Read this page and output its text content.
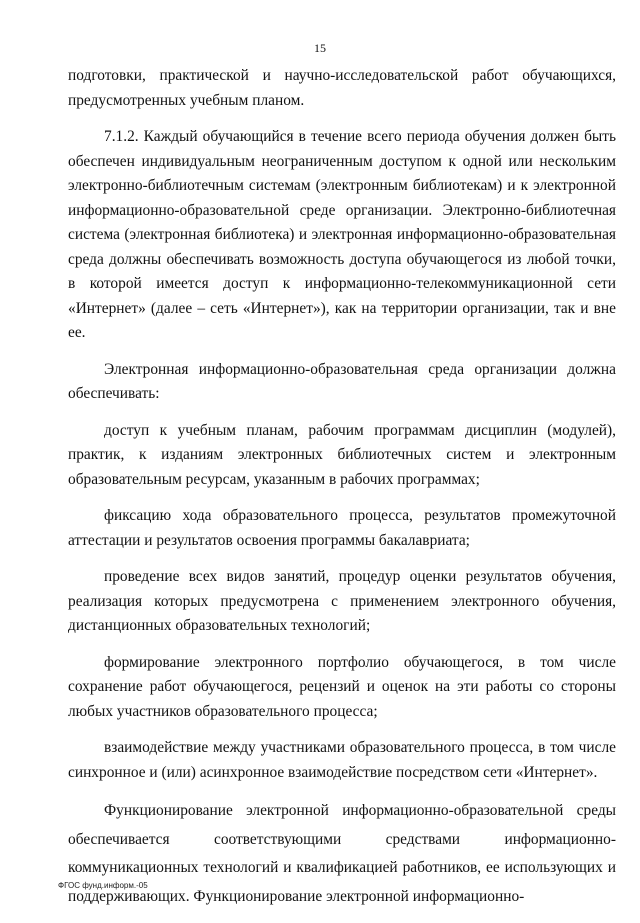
15

подготовки, практической и научно-исследовательской работ обучающихся, предусмотренных учебным планом.

7.1.2. Каждый обучающийся в течение всего периода обучения должен быть обеспечен индивидуальным неограниченным доступом к одной или нескольким электронно-библиотечным системам (электронным библиотекам) и к электронной информационно-образовательной среде организации. Электронно-библиотечная система (электронная библиотека) и электронная информационно-образовательная среда должны обеспечивать возможность доступа обучающегося из любой точки, в которой имеется доступ к информационно-телекоммуникационной сети «Интернет» (далее – сеть «Интернет»), как на территории организации, так и вне ее.

Электронная информационно-образовательная среда организации должна обеспечивать:

доступ к учебным планам, рабочим программам дисциплин (модулей), практик, к изданиям электронных библиотечных систем и электронным образовательным ресурсам, указанным в рабочих программах;

фиксацию хода образовательного процесса, результатов промежуточной аттестации и результатов освоения программы бакалавриата;

проведение всех видов занятий, процедур оценки результатов обучения, реализация которых предусмотрена с применением электронного обучения, дистанционных образовательных технологий;

формирование электронного портфолио обучающегося, в том числе сохранение работ обучающегося, рецензий и оценок на эти работы со стороны любых участников образовательного процесса;

взаимодействие между участниками образовательного процесса, в том числе синхронное и (или) асинхронное взаимодействие посредством сети «Интернет».

Функционирование электронной информационно-образовательной среды обеспечивается соответствующими средствами информационно-коммуникационных технологий и квалификацией работников, ее использующих и поддерживающих. Функционирование электронной информационно-

ФГОС фунд.информ.-05
